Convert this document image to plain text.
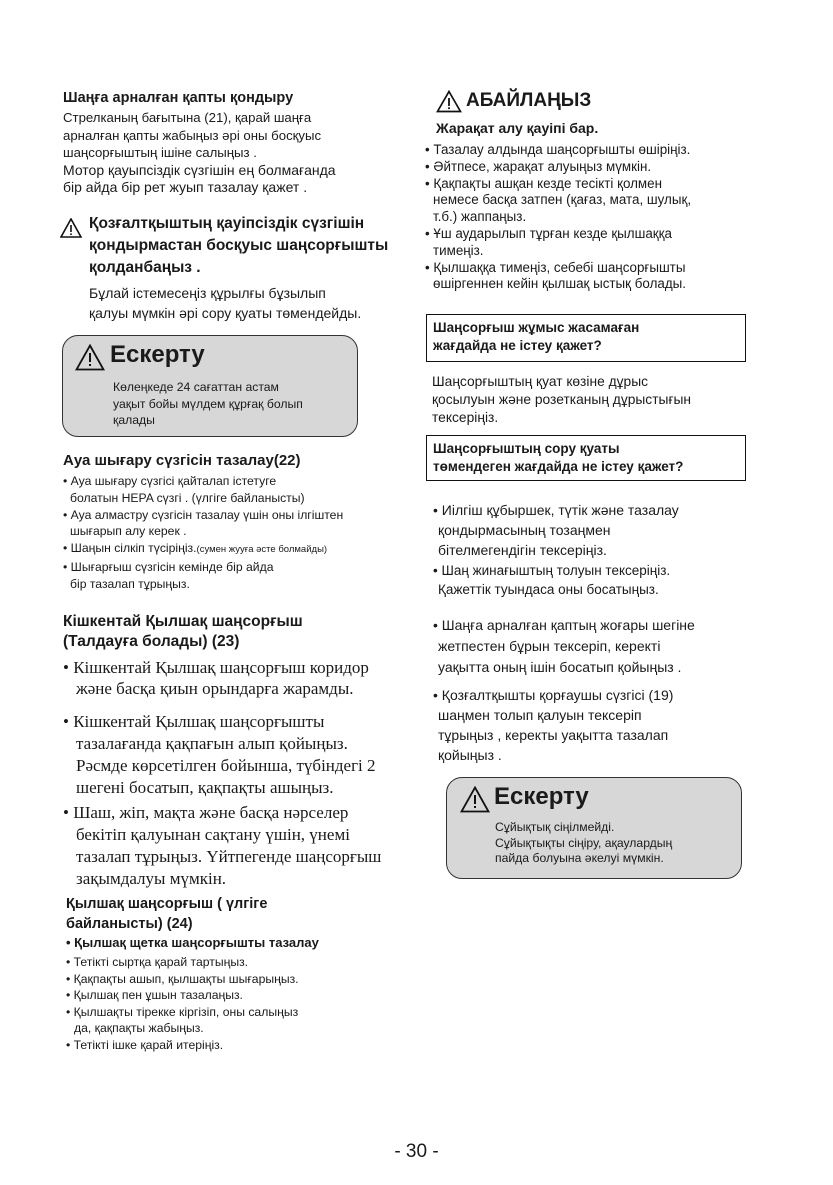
Шаңға арналған қапты қондыру
Стрелканың бағытына (21), қарай шаңға
арналған қапты жабыңыз әрі оны босқуыс
шаңсорғыштың ішіне салыңыз .
Мотор қауыпсіздік сүзгішін ең болмағанда
бір айда бір рет жуып тазалау қажет .
Қозғалтқыштың қауіпсіздік сүзгішін
қондырмастан босқуыс шаңсорғышты
қолданбаңыз .
Бұлай істемесеңіз құрылғы бұзылып
қалуы мүмкін әрі сору қуаты төмендейды.
Ескерту
Көлеңкеде 24 сағаттан астам
уақыт бойы мүлдем құрғақ болып
қалады
Ауа шығару сүзгісін тазалау(22)
• Ауа шығару сүзгісі қайталап істетуге
болатын HEPA сүзгі . (үлгіге байланысты)
• Ауа алмастру сүзгісін тазалау үшін оны ілгіштен
шығарып алу керек .
• Шаңын сілкіп түсіріңіз.(сумен жууға әсте болмайды)
• Шығарғыш сүзгісін кемінде бір айда
бір тазалап тұрыңыз.
Кішкентай Қылшақ шаңсорғыш
(Талдауға болады) (23)
• Кішкентай Қылшақ шаңсорғыш коридор
жəне басқа қиын орындарға жарамды.
• Кішкентай Қылшақ шаңсорғышты
тазалағанда қақпағын алып қойыңыз.
Рəсмде көрсетілген бойынша, түбіндегі 2
шегені босатып, қақпақты ашыңыз.
• Шаш, жіп, мақта жəне басқа нəрселер
бекітіп қалуынан сақтану үшін, үнемі
тазалап тұрыңыз. Үйтпегенде шаңсорғыш
зақымдалуы мүмкін.
Қылшақ шаңсорғыш ( үлгіге
байланысты) (24)
• Қылшақ щетка шаңсорғышты тазалау
• Тетікті сыртқа қарай тартыңыз.
• Қақпақты ашып, қылшақты шығарыңыз.
• Қылшақ пен ұшын тазалаңыз.
• Қылшақты тірекке кіргізіп, оны салыңыз
да, қақпақты жабыңыз.
• Тетікті ішке қарай итеріңіз.
АБАЙЛАҢЫЗ
Жарақат алу қауіпі бар.
• Тазалау алдында шаңсорғышты өшіріңіз.
• Әйтпесе, жарақат алуыңыз мүмкін.
• Қақпақты ашқан кезде тесікті қолмен
немесе басқа затпен (қағаз, мата, шулық,
т.б.) жаппаңыз.
• Ұш аударылып тұрған кезде қылшаққа
тимеңіз.
• Қылшаққа тимеңіз, себебі шаңсорғышты
өшіргеннен кейін қылшақ ыстық болады.
Шаңсорғыш жұмыс жасамаған
жағдайда не істеу қажет?
Шаңсорғыштың қуат көзіне дұрыс
қосылуын жəне розетканың дұрыстығын
тексеріңіз.
Шаңсорғыштың сору қуаты
төмендеген жағдайда не істеу қажет?
• Иілгіш құбыршек, түтік жəне тазалау
қондырмасының тозаңмен
бітелмегендігін тексеріңіз.
• Шаң жинағыштың толуын тексеріңіз.
Қажеттік туындаса оны босатыңыз.
• Шаңға арналған қаптың жоғары шегіне
жетпестен бұрын тексеріп, керекті
уақытта оның ішін босатып қойыңыз .
• Қозғалтқышты қорғаушы сүзгісі (19)
шаңмен толып қалуын тексеріп
тұрыңыз , керекты уақытта тазалап
қойыңыз .
Ескерту
Сұйықтық сіңілмейді.
Сұйықтықты сіңіру, ақаулардың
пайда болуына əкелуі мүмкін.
- 30 -
